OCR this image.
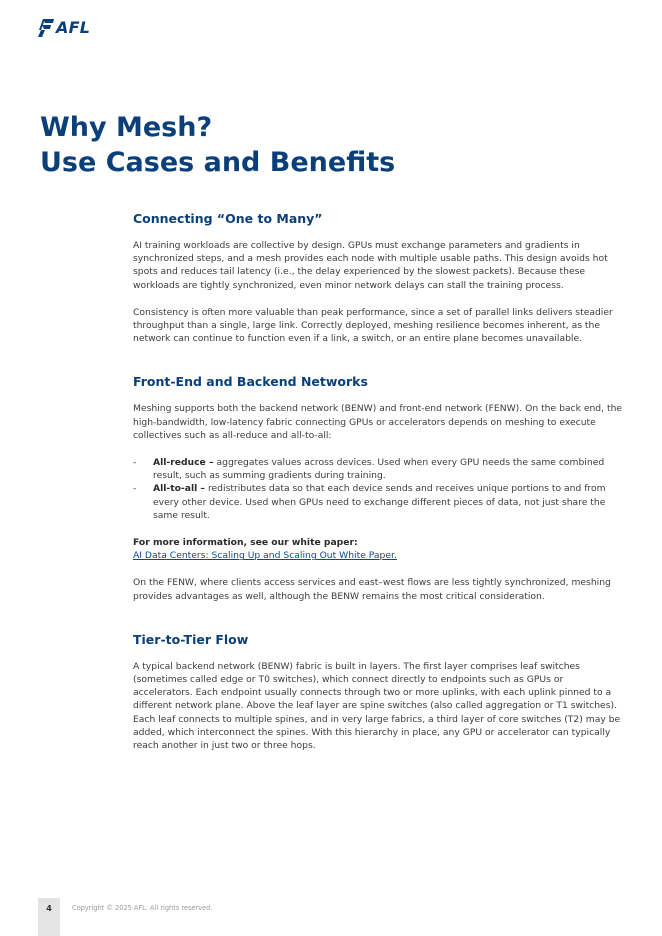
AFL
Why Mesh?
Use Cases and Benefits
Connecting “One to Many”

AI training workloads are collective by design. GPUs must exchange parameters and gradients in synchronized steps, and a mesh provides each node with multiple usable paths. This design avoids hot spots and reduces tail latency (i.e., the delay experienced by the slowest packets). Because these workloads are tightly synchronized, even minor network delays can stall the training process.

Consistency is often more valuable than peak performance, since a set of parallel links delivers steadier throughput than a single, large link. Correctly deployed, meshing resilience becomes inherent, as the network can continue to function even if a link, a switch, or an entire plane becomes unavailable.

Front-End and Backend Networks

Meshing supports both the backend network (BENW) and front-end network (FENW). On the back end, the high-bandwidth, low-latency fabric connecting GPUs or accelerators depends on meshing to execute collectives such as all-reduce and all-to-all:

- All-reduce – aggregates values across devices. Used when every GPU needs the same combined result, such as summing gradients during training.
- All-to-all – redistributes data so that each device sends and receives unique portions to and from every other device. Used when GPUs need to exchange different pieces of data, not just share the same result.

For more information, see our white paper:
AI Data Centers: Scaling Up and Scaling Out White Paper.

On the FENW, where clients access services and east–west flows are less tightly synchronized, meshing provides advantages as well, although the BENW remains the most critical consideration.

Tier-to-Tier Flow

A typical backend network (BENW) fabric is built in layers. The first layer comprises leaf switches (sometimes called edge or T0 switches), which connect directly to endpoints such as GPUs or accelerators. Each endpoint usually connects through two or more uplinks, with each uplink pinned to a different network plane. Above the leaf layer are spine switches (also called aggregation or T1 switches). Each leaf connects to multiple spines, and in very large fabrics, a third layer of core switches (T2) may be added, which interconnect the spines. With this hierarchy in place, any GPU or accelerator can typically reach another in just two or three hops.

4	Copyright © 2025 AFL. All rights reserved.
